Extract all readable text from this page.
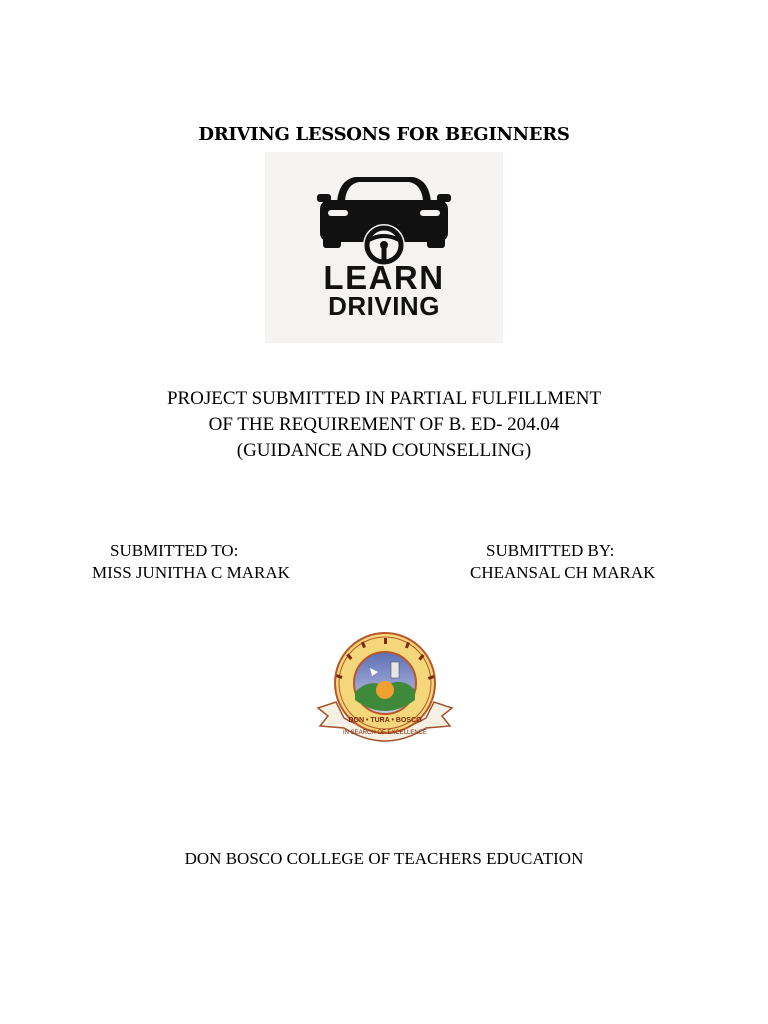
DRIVING LESSONS FOR BEGINNERS
LEARN
DRIVING
PROJECT SUBMITTED IN PARTIAL FULFILLMENT
OF THE REQUIREMENT OF B. ED- 204.04
(GUIDANCE AND COUNSELLING)
SUBMITTED TO:
MISS JUNITHA C MARAK
SUBMITTED BY:
CHEANSAL CH MARAK
DON • TURA • BOSCO
IN SEARCH OF EXCELLENCE
DON BOSCO COLLEGE OF TEACHERS EDUCATION
